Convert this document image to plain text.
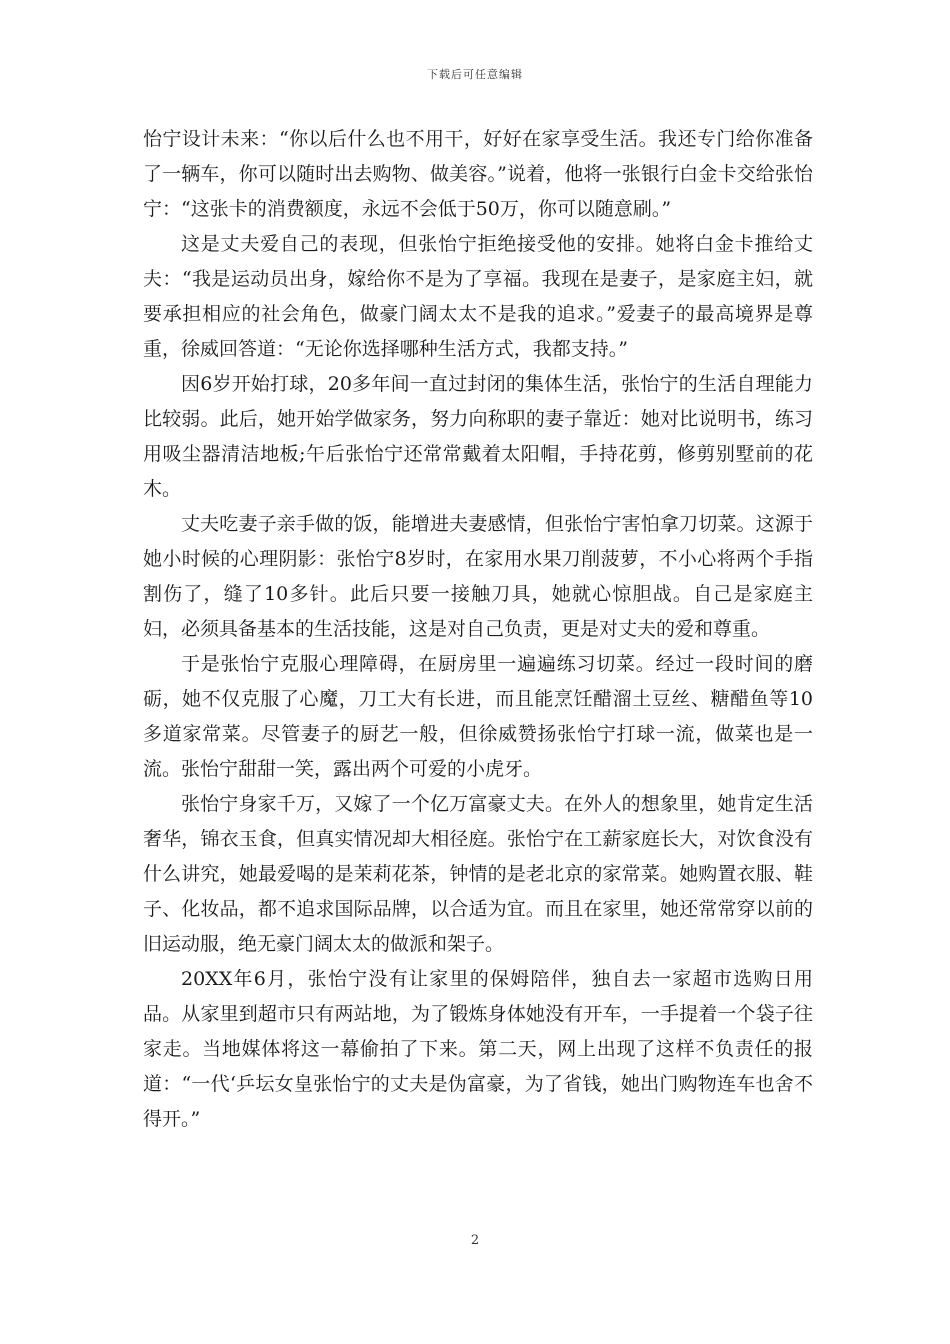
下载后可任意编辑

怡宁设计未来：“你以后什么也不用干，好好在家享受生活。我还专门给你准备了一辆车，你可以随时出去购物、做美容。”说着，他将一张银行白金卡交给张怡宁：“这张卡的消费额度，永远不会低于50万，你可以随意刷。”

这是丈夫爱自己的表现，但张怡宁拒绝接受他的安排。她将白金卡推给丈夫：“我是运动员出身，嫁给你不是为了享福。我现在是妻子，是家庭主妇，就要承担相应的社会角色，做豪门阔太太不是我的追求。”爱妻子的最高境界是尊重，徐威回答道：“无论你选择哪种生活方式，我都支持。”

因6岁开始打球，20多年间一直过封闭的集体生活，张怡宁的生活自理能力比较弱。此后，她开始学做家务，努力向称职的妻子靠近：她对比说明书，练习用吸尘器清洁地板;午后张怡宁还常常戴着太阳帽，手持花剪，修剪别墅前的花木。

丈夫吃妻子亲手做的饭，能增进夫妻感情，但张怡宁害怕拿刀切菜。这源于她小时候的心理阴影：张怡宁8岁时，在家用水果刀削菠萝，不小心将两个手指割伤了，缝了10多针。此后只要一接触刀具，她就心惊胆战。自己是家庭主妇，必须具备基本的生活技能，这是对自己负责，更是对丈夫的爱和尊重。

于是张怡宁克服心理障碍，在厨房里一遍遍练习切菜。经过一段时间的磨砺，她不仅克服了心魔，刀工大有长进，而且能烹饪醋溜土豆丝、糖醋鱼等10多道家常菜。尽管妻子的厨艺一般，但徐威赞扬张怡宁打球一流，做菜也是一流。张怡宁甜甜一笑，露出两个可爱的小虎牙。

张怡宁身家千万，又嫁了一个亿万富豪丈夫。在外人的想象里，她肯定生活奢华，锦衣玉食，但真实情况却大相径庭。张怡宁在工薪家庭长大，对饮食没有什么讲究，她最爱喝的是茉莉花茶，钟情的是老北京的家常菜。她购置衣服、鞋子、化妆品，都不追求国际品牌，以合适为宜。而且在家里，她还常常穿以前的旧运动服，绝无豪门阔太太的做派和架子。

20XX年6月，张怡宁没有让家里的保姆陪伴，独自去一家超市选购日用品。从家里到超市只有两站地，为了锻炼身体她没有开车，一手提着一个袋子往家走。当地媒体将这一幕偷拍了下来。第二天，网上出现了这样不负责任的报道：“一代‘乒坛女皇张怡宁的丈夫是伪富豪，为了省钱，她出门购物连车也舍不得开。”

2
